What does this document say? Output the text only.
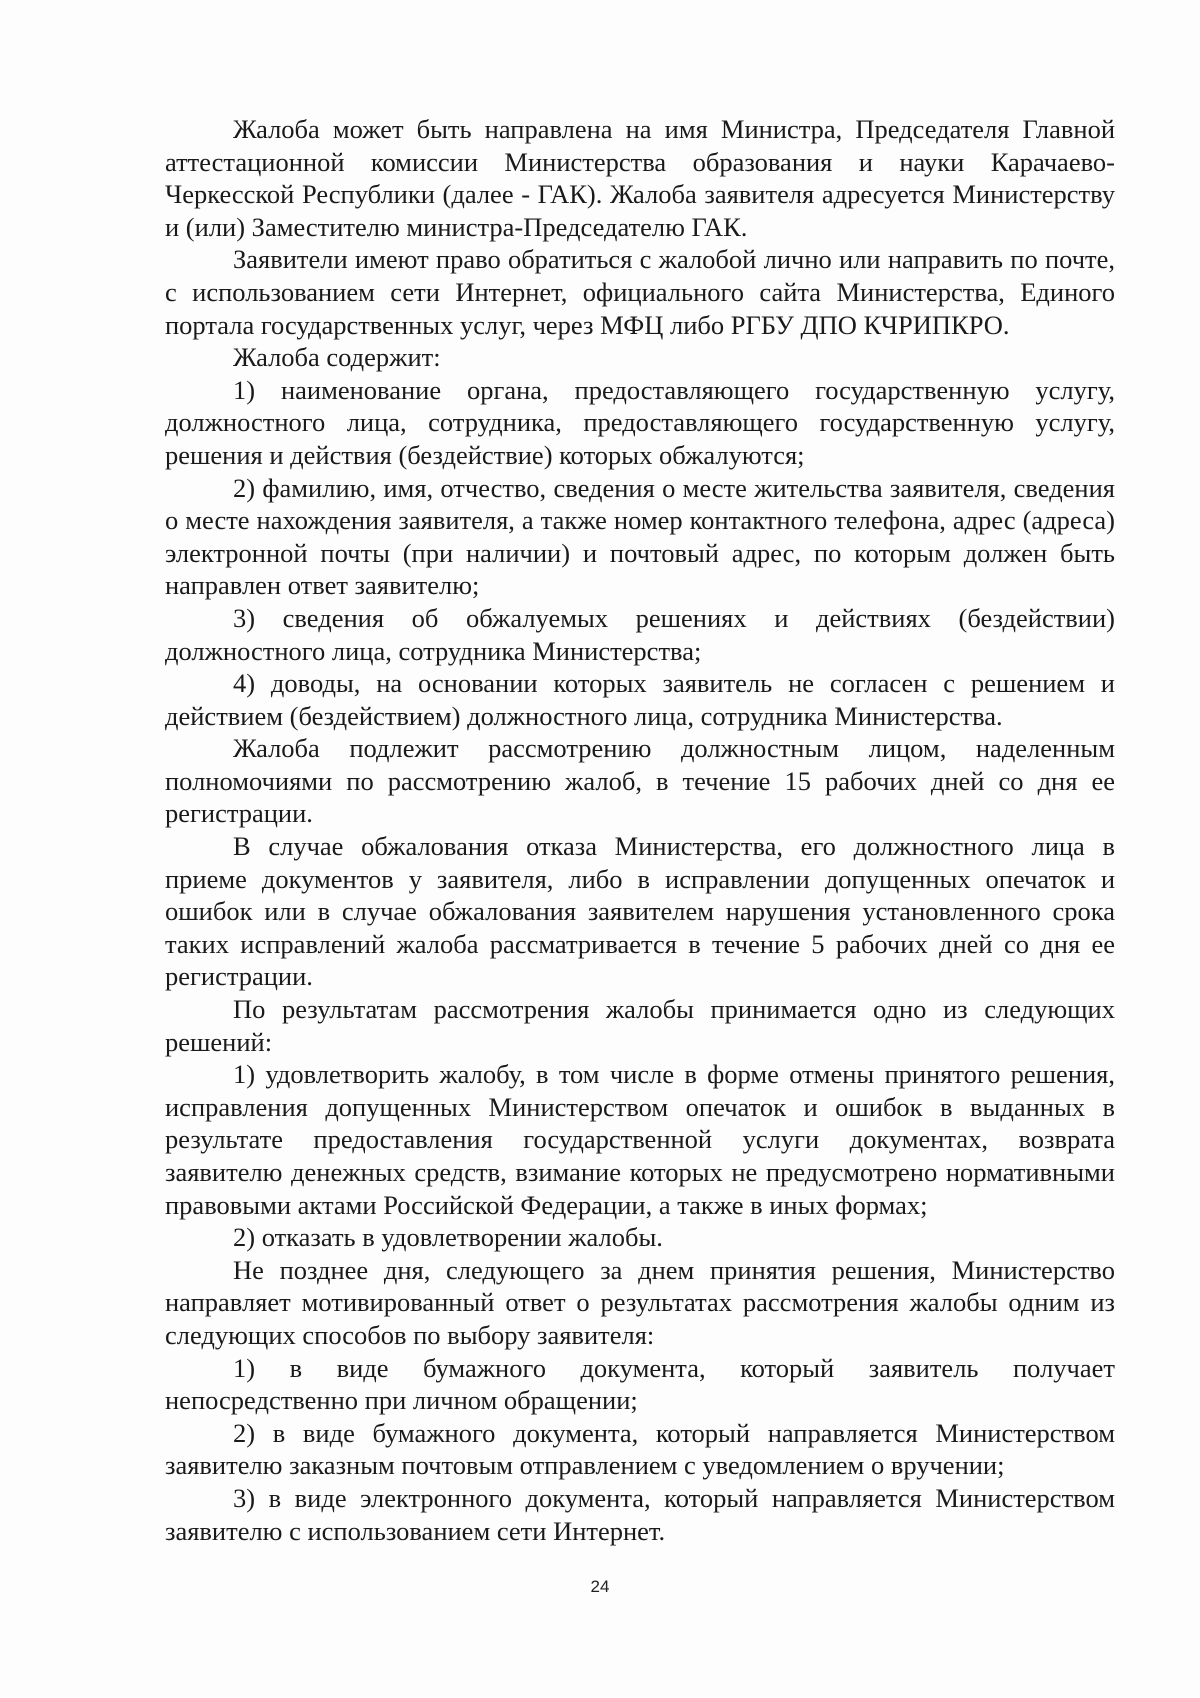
Жалоба может быть направлена на имя Министра, Председателя Главной аттестационной комиссии Министерства образования и науки Карачаево-Черкесской Республики (далее - ГАК). Жалоба заявителя адресуется Министерству и (или) Заместителю министра-Председателю ГАК.

Заявители имеют право обратиться с жалобой лично или направить по почте, с использованием сети Интернет, официального сайта Министерства, Единого портала государственных услуг, через МФЦ либо РГБУ ДПО КЧРИПКРО.

Жалоба содержит:

1) наименование органа, предоставляющего государственную услугу, должностного лица, сотрудника, предоставляющего государственную услугу, решения и действия (бездействие) которых обжалуются;

2) фамилию, имя, отчество, сведения о месте жительства заявителя, сведения о месте нахождения заявителя, а также номер контактного телефона, адрес (адреса) электронной почты (при наличии) и почтовый адрес, по которым должен быть направлен ответ заявителю;

3) сведения об обжалуемых решениях и действиях (бездействии) должностного лица, сотрудника Министерства;

4) доводы, на основании которых заявитель не согласен с решением и действием (бездействием) должностного лица, сотрудника Министерства.

Жалоба подлежит рассмотрению должностным лицом, наделенным полномочиями по рассмотрению жалоб, в течение 15 рабочих дней со дня ее регистрации.

В случае обжалования отказа Министерства, его должностного лица в приеме документов у заявителя, либо в исправлении допущенных опечаток и ошибок или в случае обжалования заявителем нарушения установленного срока таких исправлений жалоба рассматривается в течение 5 рабочих дней со дня ее регистрации.

По результатам рассмотрения жалобы принимается одно из следующих решений:

1) удовлетворить жалобу, в том числе в форме отмены принятого решения, исправления допущенных Министерством опечаток и ошибок в выданных в результате предоставления государственной услуги документах, возврата заявителю денежных средств, взимание которых не предусмотрено нормативными правовыми актами Российской Федерации, а также в иных формах;

2) отказать в удовлетворении жалобы.

Не позднее дня, следующего за днем принятия решения, Министерство направляет мотивированный ответ о результатах рассмотрения жалобы одним из следующих способов по выбору заявителя:

1) в виде бумажного документа, который заявитель получает непосредственно при личном обращении;

2) в виде бумажного документа, который направляется Министерством заявителю заказным почтовым отправлением с уведомлением о вручении;

3) в виде электронного документа, который направляется Министерством заявителю с использованием сети Интернет.

24
